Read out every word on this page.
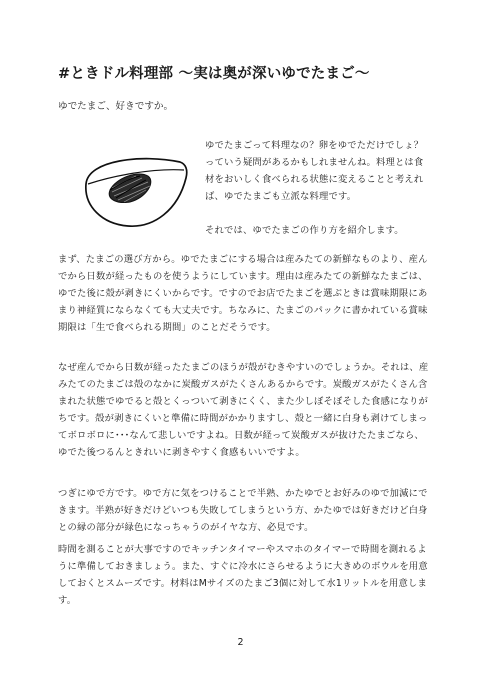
#ときドル料理部 〜実は奥が深いゆでたまご〜
ゆでたまご、好きですか。

ゆでたまごって料理なの？卵をゆでただけでしょ？っていう疑問があるかもしれませんね。料理とは食材をおいしく食べられる状態に変えることと考えれば、ゆでたまごも立派な料理です。

それでは、ゆでたまごの作り方を紹介します。

まず、たまごの選び方から。ゆでたまごにする場合は産みたての新鮮なものより、産んでから日数が経ったものを使うようにしています。理由は産みたての新鮮なたまごは、ゆでた後に殻が剥きにくいからです。ですのでお店でたまごを選ぶときは賞味期限にあまり神経質にならなくても大丈夫です。ちなみに、たまごのパックに書かれている賞味期限は「生で食べられる期間」のことだそうです。

なぜ産んでから日数が経ったたまごのほうが殻がむきやすいのでしょうか。それは、産みたてのたまごは殻のなかに炭酸ガスがたくさんあるからです。炭酸ガスがたくさん含まれた状態でゆでると殻とくっついて剥きにくく、また少しぼそぼそした食感になりがちです。殻が剥きにくいと準備に時間がかかりますし、殻と一緒に白身も剥けてしまってボロボロに･･･なんて悲しいですよね。日数が経って炭酸ガスが抜けたたまごなら、ゆでた後つるんときれいに剥きやすく食感もいいですよ。

つぎにゆで方です。ゆで方に気をつけることで半熟、かたゆでとお好みのゆで加減にできます。半熟が好きだけどいつも失敗してしまうという方、かたゆでは好きだけど白身との縁の部分が緑色になっちゃうのがイヤな方、必見です。

時間を測ることが大事ですのでキッチンタイマーやスマホのタイマーで時間を測れるように準備しておきましょう。また、すぐに冷水にさらせるように大きめのボウルを用意しておくとスムーズです。材料はMサイズのたまご3個に対して水1リットルを用意します。

2
